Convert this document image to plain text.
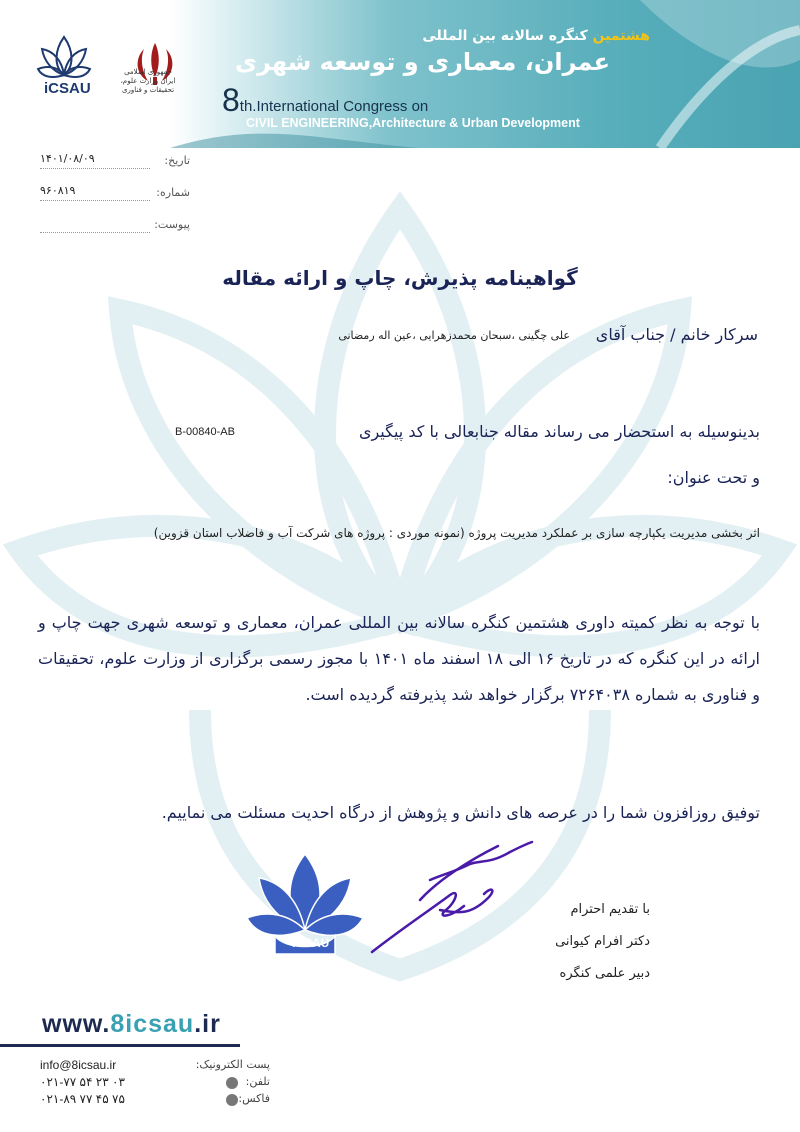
iCSAU
جمهوری اسلامی ایران وزارت علوم، تحقیقات و فناوری
هشتمین کنگره سالانه بین المللی
عمران، معماری و توسعه شهری
8th.International Congress on
CIVIL ENGINEERING,Architecture & Urban Development
۱۴۰۱/۰۸/۰۹	تاریخ:
۹۶۰۸۱۹	شماره:
پیوست:
گواهینامه پذیرش، چاپ و ارائه مقاله
سرکار خانم / جناب آقای
علی چگینی ،سبحان محمدزهرایی ،عین اله رمضانی
بدینوسیله به استحضار می رساند مقاله جنابعالی با کد پیگیری
B-00840-AB
و تحت عنوان:
اثر بخشی مدیریت یکپارچه سازی بر عملکرد مدیریت پروژه (نمونه موردی : پروژه های شرکت آب و فاضلاب استان قزوین)
با توجه به نظر کمیته داوری هشتمین کنگره سالانه بین المللی عمران، معماری و توسعه شهری جهت چاپ و ارائه در این کنگره که در تاریخ ۱۶ الی ۱۸ اسفند ماه ۱۴۰۱ با مجوز رسمی برگزاری از وزارت علوم، تحقیقات و فناوری به شماره ۷۲۶۴۰۳۸ برگزار خواهد شد پذیرفته گردیده است.
توفیق روزافزون شما را در عرصه های دانش و پژوهش از درگاه احدیت مسئلت می نماییم.
iCSAU
با تقدیم احترام
دکتر افرام کیوانی
دبیر علمی کنگره
www.8icsau.ir
info@8icsau.ir	پست الکترونیک:
۰۲۱-۷۷ ۵۴ ۲۳ ۰۳	تلفن:
۰۲۱-۸۹ ۷۷ ۴۵ ۷۵	فاکس:
